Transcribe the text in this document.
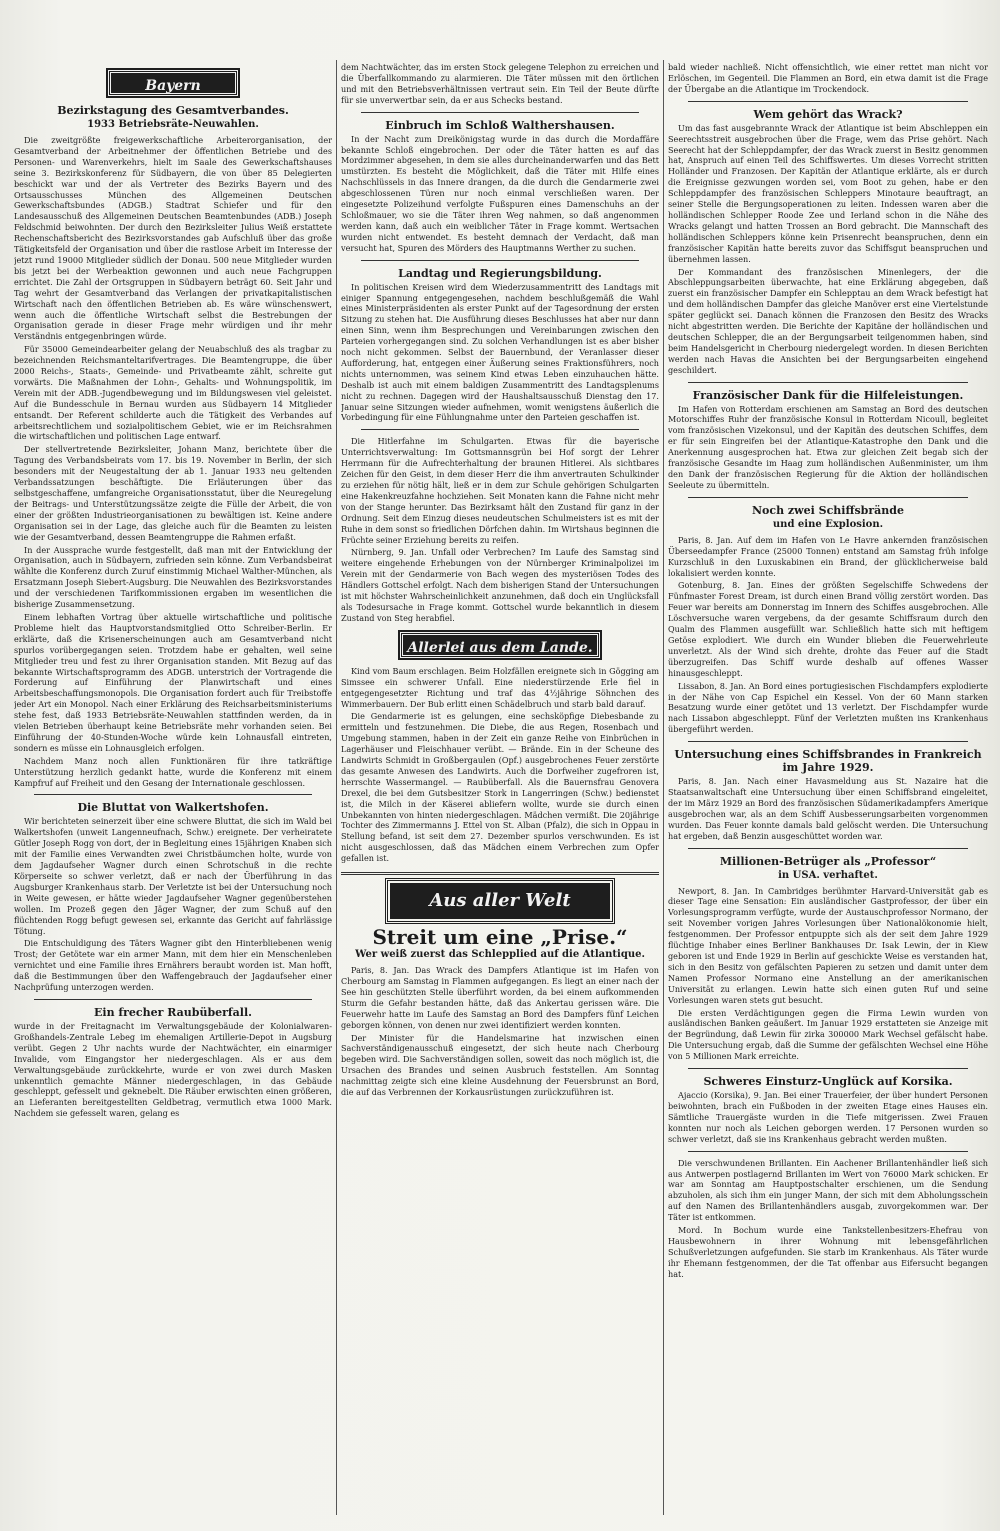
Bayern
Bezirkstagung des Gesamtverbandes.
1933 Betriebsräte-Neuwahlen.

Die zweitgrößte freigewerkschaftliche Arbeiterorganisation, der Gesamtverband der Arbeitnehmer der öffentlichen Betriebe und des Personen- und Warenverkehrs, hielt im Saale des Gewerkschaftshauses seine 3. Bezirkskonferenz für Südbayern, die von über 85 Delegierten beschickt war und der als Vertreter des Bezirks Bayern und des Ortsausschusses München des Allgemeinen Deutschen Gewerkschaftsbundes (ADGB.) Stadtrat Schiefer und für den Landesausschuß des Allgemeinen Deutschen Beamtenbundes (ADB.) Joseph Feldschmid beiwohnten. Der durch den Bezirksleiter Julius Weiß erstattete Rechenschaftsbericht des Bezirksvorstandes gab Aufschluß über das große Tätigkeitsfeld der Organisation und über die rastlose Arbeit im Interesse der jetzt rund 19000 Mitglieder südlich der Donau. 500 neue Mitglieder wurden bis jetzt bei der Werbeaktion gewonnen und auch neue Fachgruppen errichtet. Die Zahl der Ortsgruppen in Südbayern beträgt 60. Seit Jahr und Tag wehrt der Gesamtverband das Verlangen der privatkapitalistischen Wirtschaft nach den öffentlichen Betrieben ab. Es wäre wünschenswert, wenn auch die öffentliche Wirtschaft selbst die Bestrebungen der Organisation gerade in dieser Frage mehr würdigen und ihr mehr Verständnis entgegenbringen würde.

Für 35000 Gemeindearbeiter gelang der Neuabschluß des als tragbar zu bezeichnenden Reichsmanteltarifvertrages. Die Beamtengruppe, die über 2000 Reichs-, Staats-, Gemeinde- und Privatbeamte zählt, schreite gut vorwärts. Die Maßnahmen der Lohn-, Gehalts- und Wohnungspolitik, im Verein mit der ADB.-Jugendbewegung und im Bildungswesen viel geleistet. Auf die Bundesschule in Bernau wurden aus Südbayern 14 Mitglieder entsandt. Der Referent schilderte auch die Tätigkeit des Verbandes auf arbeitsrechtlichem und sozialpolitischem Gebiet, wie er im Reichsrahmen die wirtschaftlichen und politischen Lage entwarf.

Der stellvertretende Bezirksleiter, Johann Manz, berichtete über die Tagung des Verbandsbeirats vom 17. bis 19. November in Berlin, der sich besonders mit der Neugestaltung der ab 1. Januar 1933 neu geltenden Verbandssatzungen beschäftigte. Die Erläuterungen über das selbstgeschaffene, umfangreiche Organisationsstatut, über die Neuregelung der Beitrags- und Unterstützungssätze zeigte die Fülle der Arbeit, die von einer der größten Industrieorganisationen zu bewältigen ist. Keine andere Organisation sei in der Lage, das gleiche auch für die Beamten zu leisten wie der Gesamtverband, dessen Beamtengruppe die Rahmen erfaßt.

In der Aussprache wurde festgestellt, daß man mit der Entwicklung der Organisation, auch in Südbayern, zufrieden sein könne. Zum Verbandsbeirat wählte die Konferenz durch Zuruf einstimmig Michael Walther-München, als Ersatzmann Joseph Siebert-Augsburg. Die Neuwahlen des Bezirksvorstandes und der verschiedenen Tarifkommissionen ergaben im wesentlichen die bisherige Zusammensetzung.

Einem lebhaften Vortrag über aktuelle wirtschaftliche und politische Probleme hielt das Hauptvorstandsmitglied Otto Schreiber-Berlin. Er erklärte, daß die Krisenerscheinungen auch am Gesamtverband nicht spurlos vorübergegangen seien. Trotzdem habe er gehalten, weil seine Mitglieder treu und fest zu ihrer Organisation standen. Mit Bezug auf das bekannte Wirtschaftsprogramm des ADGB. unterstrich der Vortragende die Forderung auf Einführung der Planwirtschaft und eines Arbeitsbeschaffungsmonopols. Die Organisation fordert auch für Treibstoffe jeder Art ein Monopol. Nach einer Erklärung des Reichsarbeitsministeriums stehe fest, daß 1933 Betriebsräte-Neuwahlen stattfinden werden, da in vielen Betrieben überhaupt keine Betriebsräte mehr vorhanden seien. Bei Einführung der 40-Stunden-Woche würde kein Lohnausfall eintreten, sondern es müsse ein Lohnausgleich erfolgen.

Nachdem Manz noch allen Funktionären für ihre tatkräftige Unterstützung herzlich gedankt hatte, wurde die Konferenz mit einem Kampfruf auf Freiheit und den Gesang der Internationale geschlossen.

Die Bluttat von Walkertshofen.

Wir berichteten seinerzeit über eine schwere Bluttat, die sich im Wald bei Walkertshofen (unweit Langenneufnach, Schw.) ereignete. Der verheiratete Gütler Joseph Rogg von dort, der in Begleitung eines 15jährigen Knaben sich mit der Familie eines Verwandten zwei Christbäumchen holte, wurde von dem Jagdaufseher Wagner durch einen Schrotschuß in die rechte Körperseite so schwer verletzt, daß er nach der Überführung in das Augsburger Krankenhaus starb. Der Verletzte ist bei der Untersuchung noch in Weite gewesen, er hätte wieder Jagdaufseher Wagner gegenüberstehen wollen. Im Prozeß gegen den Jäger Wagner, der zum Schuß auf den flüchtenden Rogg befugt gewesen sei, erkannte das Gericht auf fahrlässige Tötung.

Die Entschuldigung des Täters Wagner gibt den Hinterbliebenen wenig Trost; der Getötete war ein armer Mann, mit dem hier ein Menschenleben vernichtet und eine Familie ihres Ernährers beraubt worden ist. Man hofft, daß die Bestimmungen über den Waffengebrauch der Jagdaufseher einer Nachprüfung unterzogen werden.

Ein frecher Raubüberfall.

wurde in der Freitagnacht im Verwaltungsgebäude der Kolonialwaren-Großhandels-Zentrale Lebeg im ehemaligen Artillerie-Depot in Augsburg verübt. Gegen 2 Uhr nachts wurde der Nachtwächter, ein einarmiger Invalide, vom Eingangstor her niedergeschlagen. Als er aus dem Verwaltungsgebäude zurückkehrte, wurde er von zwei durch Masken unkenntlich gemachte Männer niedergeschlagen, in das Gebäude geschleppt, gefesselt und geknebelt. Die Räuber erwischten einen größeren, an Lieferanten bereitgestellten Geldbetrag, vermutlich etwa 1000 Mark. Nachdem sie gefesselt waren, gelang es

dem Nachtwächter, das im ersten Stock gelegene Telephon zu erreichen und die Überfallkommando zu alarmieren. Die Täter müssen mit den örtlichen und mit den Betriebsverhältnissen vertraut sein. Ein Teil der Beute dürfte für sie unverwertbar sein, da er aus Schecks bestand.

Einbruch im Schloß Walthershausen.

In der Nacht zum Dreikönigstag wurde in das durch die Mordaffäre bekannte Schloß eingebrochen. Der oder die Täter hatten es auf das Mordzimmer abgesehen, in dem sie alles durcheinanderwarfen und das Bett umstürzten. Es besteht die Möglichkeit, daß die Täter mit Hilfe eines Nachschlüssels in das Innere drangen, da die durch die Gendarmerie zwei abgeschlossenen Türen nur noch einmal verschließen waren. Der eingesetzte Polizeihund verfolgte Fußspuren eines Damenschuhs an der Schloßmauer, wo sie die Täter ihren Weg nahmen, so daß angenommen werden kann, daß auch ein weiblicher Täter in Frage kommt. Wertsachen wurden nicht entwendet. Es besteht demnach der Verdacht, daß man versucht hat, Spuren des Mörders des Hauptmanns Werther zu suchen.

Landtag und Regierungsbildung.

In politischen Kreisen wird dem Wiederzusammentritt des Landtags mit einiger Spannung entgegengesehen, nachdem beschlußgemäß die Wahl eines Ministerpräsidenten als erster Punkt auf der Tagesordnung der ersten Sitzung zu stehen hat. Die Ausführung dieses Beschlusses hat aber nur dann einen Sinn, wenn ihm Besprechungen und Vereinbarungen zwischen den Parteien vorhergegangen sind. Zu solchen Verhandlungen ist es aber bisher noch nicht gekommen. Selbst der Bauernbund, der Veranlasser dieser Aufforderung, hat, entgegen einer Äußerung seines Fraktionsführers, noch nichts unternommen, was seinem Kind etwas Leben einzuhauchen hätte. Deshalb ist auch mit einem baldigen Zusammentritt des Landtagsplenums nicht zu rechnen. Dagegen wird der Haushaltsausschuß Dienstag den 17. Januar seine Sitzungen wieder aufnehmen, womit wenigstens äußerlich die Vorbedingung für eine Fühlungnahme unter den Parteien geschaffen ist.

Die Hitlerfahne im Schulgarten. Etwas für die bayerische Unterrichtsverwaltung: Im Gottsmannsgrün bei Hof sorgt der Lehrer Herrmann für die Aufrechterhaltung der braunen Hitlerei. Als sichtbares Zeichen für den Geist, in dem dieser Herr die ihm anvertrauten Schulkinder zu erziehen für nötig hält, ließ er in dem zur Schule gehörigen Schulgarten eine Hakenkreuzfahne hochziehen. Seit Monaten kann die Fahne nicht mehr von der Stange herunter. Das Bezirksamt hält den Zustand für ganz in der Ordnung. Seit dem Einzug dieses neudeutschen Schulmeisters ist es mit der Ruhe in dem sonst so friedlichen Dörfchen dahin. Im Wirtshaus beginnen die Früchte seiner Erziehung bereits zu reifen.

Nürnberg, 9. Jan. Unfall oder Verbrechen? Im Laufe des Samstag sind weitere eingehende Erhebungen von der Nürnberger Kriminalpolizei im Verein mit der Gendarmerie von Bach wegen des mysteriösen Todes des Händlers Gottschel erfolgt. Nach dem bisherigen Stand der Untersuchungen ist mit höchster Wahrscheinlichkeit anzunehmen, daß doch ein Unglücksfall als Todesursache in Frage kommt. Gottschel wurde bekanntlich in diesem Zustand von Steg herabfiel.

Allerlei aus dem Lande.

Kind vom Baum erschlagen. Beim Holzfällen ereignete sich in Gögging am Simssee ein schwerer Unfall. Eine niederstürzende Erle fiel in entgegengesetzter Richtung und traf das 4½jährige Söhnchen des Wimmerbauern. Der Bub erlitt einen Schädelbruch und starb bald darauf.

Die Gendarmerie ist es gelungen, eine sechsköpfige Diebesbande zu ermitteln und festzunehmen. Die Diebe, die aus Regen, Rosenbach und Umgebung stammen, haben in der Zeit ein ganze Reihe von Einbrüchen in Lagerhäuser und Fleischhauer verübt. — Brände. Ein in der Scheune des Landwirts Schmidt in Großbergaulen (Opf.) ausgebrochenes Feuer zerstörte das gesamte Anwesen des Landwirts. Auch die Dorfweiher zugefroren ist, herrschte Wassermangel. — Raubüberfall. Als die Bauernsfrau Genovera Drexel, die bei dem Gutsbesitzer Stork in Langerringen (Schw.) bedienstet ist, die Milch in der Käserei abliefern wollte, wurde sie durch einen Unbekannten von hinten niedergeschlagen. Mädchen vermißt. Die 20jährige Tochter des Zimmermanns J. Ettel von St. Alban (Pfalz), die sich in Oppau in Stellung befand, ist seit dem 27. Dezember spurlos verschwunden. Es ist nicht ausgeschlossen, daß das Mädchen einem Verbrechen zum Opfer gefallen ist.

Aus aller Welt
Streit um eine „Prise.“
Wer weiß zuerst das Schlepplied auf die Atlantique.

Paris, 8. Jan. Das Wrack des Dampfers Atlantique ist im Hafen von Cherbourg am Samstag in Flammen aufgegangen. Es liegt an einer nach der See hin geschützten Stelle überführt worden, da bei einem aufkommenden Sturm die Gefahr bestanden hätte, daß das Ankertau gerissen wäre. Die Feuerwehr hatte im Laufe des Samstag an Bord des Dampfers fünf Leichen geborgen können, von denen nur zwei identifiziert werden konnten.

Der Minister für die Handelsmarine hat inzwischen einen Sachverständigenausschuß eingesetzt, der sich heute nach Cherbourg begeben wird. Die Sachverständigen sollen, soweit das noch möglich ist, die Ursachen des Brandes und seinen Ausbruch feststellen. Am Sonntag nachmittag zeigte sich eine kleine Ausdehnung der Feuersbrunst an Bord, die auf das Verbrennen der Korkausrüstungen zurückzuführen ist.

bald wieder nachließ. Nicht offensichtlich, wie einer rettet man nicht vor Erlöschen, im Gegenteil. Die Flammen an Bord, ein etwa damit ist die Frage der Übergabe an die Atlantique im Trockendock.

Wem gehört das Wrack?

Um das fast ausgebrannte Wrack der Atlantique ist beim Abschleppen ein Seerechtsstreit ausgebrochen über die Frage, wem das Prise gehört. Nach Seerecht hat der Schleppdampfer, der das Wrack zuerst in Besitz genommen hat, Anspruch auf einen Teil des Schiffswertes. Um dieses Vorrecht stritten Holländer und Franzosen. Der Kapitän der Atlantique erklärte, als er durch die Ereignisse gezwungen worden sei, vom Boot zu gehen, habe er den Schleppdampfer des französischen Schleppers Minotaure beauftragt, an seiner Stelle die Bergungsoperationen zu leiten. Indessen waren aber die holländischen Schlepper Roode Zee und Ierland schon in die Nähe des Wracks gelangt und hatten Trossen an Bord gebracht. Die Mannschaft des holländischen Schleppers könne kein Prisenrecht beanspruchen, denn ein französischer Kapitän hatte bereits zuvor das Schiffsgut beanspruchen und übernehmen lassen.

Der Kommandant des französischen Minenlegers, der die Abschleppungsarbeiten überwachte, hat eine Erklärung abgegeben, daß zuerst ein französischer Dampfer ein Schlepptau an dem Wrack befestigt hat und dem holländischen Dampfer das gleiche Manöver erst eine Viertelstunde später geglückt sei. Danach können die Franzosen den Besitz des Wracks nicht abgestritten werden. Die Berichte der Kapitäne der holländischen und deutschen Schlepper, die an der Bergungsarbeit teilgenommen haben, sind beim Handelsgericht in Cherbourg niedergelegt worden. In diesen Berichten werden nach Havas die Ansichten bei der Bergungsarbeiten eingehend geschildert.

Französischer Dank für die Hilfeleistungen.

Im Hafen von Rotterdam erschienen am Samstag an Bord des deutschen Motorschiffes Ruhr der französische Konsul in Rotterdam Nicoull, begleitet vom französischen Vizekonsul, und der Kapitän des deutschen Schiffes, dem er für sein Eingreifen bei der Atlantique-Katastrophe den Dank und die Anerkennung ausgesprochen hat. Etwa zur gleichen Zeit begab sich der französische Gesandte im Haag zum holländischen Außenminister, um ihm den Dank der französischen Regierung für die Aktion der holländischen Seeleute zu übermitteln.

Noch zwei Schiffsbrände
und eine Explosion.

Paris, 8. Jan. Auf dem im Hafen von Le Havre ankernden französischen Überseedampfer France (25000 Tonnen) entstand am Samstag früh infolge Kurzschluß in den Luxuskabinen ein Brand, der glücklicherweise bald lokalisiert werden konnte.

Gotenburg, 8. Jan. Eines der größten Segelschiffe Schwedens der Fünfmaster Forest Dream, ist durch einen Brand völlig zerstört worden. Das Feuer war bereits am Donnerstag im Innern des Schiffes ausgebrochen. Alle Löschversuche waren vergebens, da der gesamte Schiffsraum durch den Qualm des Flammen ausgefüllt war. Schließlich hatte sich mit heftigem Getöse explodiert. Wie durch ein Wunder blieben die Feuerwehrleute unverletzt. Als der Wind sich drehte, drohte das Feuer auf die Stadt überzugreifen. Das Schiff wurde deshalb auf offenes Wasser hinausgeschleppt.

Lissabon, 8. Jan. An Bord eines portugiesischen Fischdampfers explodierte in der Nähe von Cap Espichel ein Kessel. Von der 60 Mann starken Besatzung wurde einer getötet und 13 verletzt. Der Fischdampfer wurde nach Lissabon abgeschleppt. Fünf der Verletzten mußten ins Krankenhaus übergeführt werden.

Untersuchung eines Schiffsbrandes in Frankreich im Jahre 1929.

Paris, 8. Jan. Nach einer Havasmeldung aus St. Nazaire hat die Staatsanwaltschaft eine Untersuchung über einen Schiffsbrand eingeleitet, der im März 1929 an Bord des französischen Südamerikadampfers Amerique ausgebrochen war, als an dem Schiff Ausbesserungsarbeiten vorgenommen wurden. Das Feuer konnte damals bald gelöscht werden. Die Untersuchung hat ergeben, daß Benzin ausgeschüttet worden war.

Millionen-Betrüger als „Professor“
in USA. verhaftet.

Newport, 8. Jan. In Cambridges berühmter Harvard-Universität gab es dieser Tage eine Sensation: Ein ausländischer Gastprofessor, der über ein Vorlesungsprogramm verfügte, wurde der Austauschprofessor Normano, der seit November vorigen Jahres Vorlesungen über Nationalökonomie hielt, festgenommen. Der Professor entpuppte sich als der seit dem Jahre 1929 flüchtige Inhaber eines Berliner Bankhauses Dr. Isak Lewin, der in Kiew geboren ist und Ende 1929 in Berlin auf geschickte Weise es verstanden hat, sich in den Besitz von gefälschten Papieren zu setzen und damit unter dem Namen Professor Normano eine Anstellung an der amerikanischen Universität zu erlangen. Lewin hatte sich einen guten Ruf und seine Vorlesungen waren stets gut besucht.

Die ersten Verdächtigungen gegen die Firma Lewin wurden von ausländischen Banken geäußert. Im Januar 1929 erstatteten sie Anzeige mit der Begründung, daß Lewin für zirka 300000 Mark Wechsel gefälscht habe. Die Untersuchung ergab, daß die Summe der gefälschten Wechsel eine Höhe von 5 Millionen Mark erreichte.

Schweres Einsturz-Unglück auf Korsika.

Ajaccio (Korsika), 9. Jan. Bei einer Trauerfeier, der über hundert Personen beiwohnten, brach ein Fußboden in der zweiten Etage eines Hauses ein. Sämtliche Trauergäste wurden in die Tiefe mitgerissen. Zwei Frauen konnten nur noch als Leichen geborgen werden. 17 Personen wurden so schwer verletzt, daß sie ins Krankenhaus gebracht werden mußten.

Die verschwundenen Brillanten. Ein Aachener Brillantenhändler ließ sich aus Antwerpen postlagernd Brillanten im Wert von 76000 Mark schicken. Er war am Sonntag am Hauptpostschalter erschienen, um die Sendung abzuholen, als sich ihm ein junger Mann, der sich mit dem Abholungsschein auf den Namen des Brillantenhändlers ausgab, zuvorgekommen war. Der Täter ist entkommen.

Mord. In Bochum wurde eine Tankstellenbesitzers-Ehefrau von Hausbewohnern in ihrer Wohnung mit lebensgefährlichen Schußverletzungen aufgefunden. Sie starb im Krankenhaus. Als Täter wurde ihr Ehemann festgenommen, der die Tat offenbar aus Eifersucht begangen hat.
